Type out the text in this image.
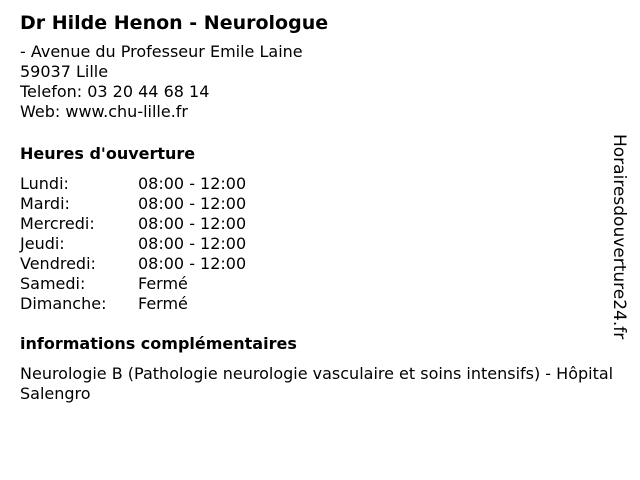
Dr Hilde Henon - Neurologue
- Avenue du Professeur Emile Laine
59037 Lille
Telefon: 03 20 44 68 14
Web: www.chu-lille.fr
Heures d'ouverture
Lundi:	08:00 - 12:00
Mardi:	08:00 - 12:00
Mercredi:	08:00 - 12:00
Jeudi:	08:00 - 12:00
Vendredi:	08:00 - 12:00
Samedi:	Fermé
Dimanche:	Fermé
informations complémentaires
Neurologie B (Pathologie neurologie vasculaire et soins intensifs) - Hôpital Salengro
Horairesdouverture24.fr
